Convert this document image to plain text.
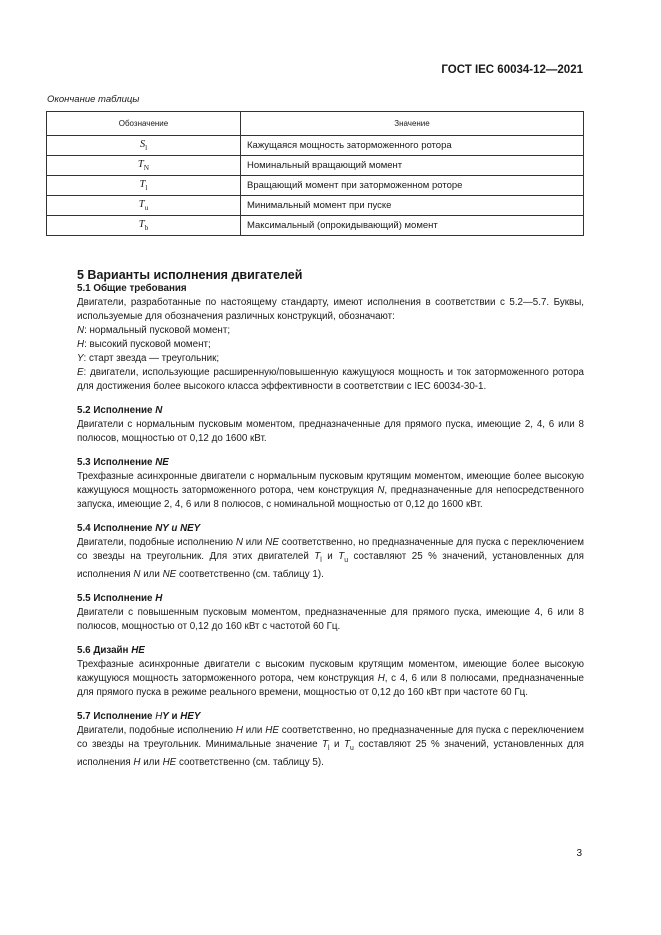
ГОСТ IEC 60034-12—2021
Окончание таблицы
Обозначение	Значение
$S_l$	Кажущаяся мощность заторможенного ротора
$T_N$	Номинальный вращающий момент
$T_l$	Вращающий момент при заторможенном роторе
$T_u$	Минимальный момент при пуске
$T_b$	Максимальный (опрокидывающий) момент

5 Варианты исполнения двигателей

5.1 Общие требования

Двигатели, разработанные по настоящему стандарту, имеют исполнения в соответствии с 5.2—5.7. Буквы, используемые для обозначения различных конструкций, обозначают:

N: нормальный пусковой момент;

H: высокий пусковой момент;

Y: старт звезда — треугольник;

E: двигатели, использующие расширенную/повышенную кажущуюся мощность и ток заторможенного ротора для достижения более высокого класса эффективности в соответствии с IEC 60034-30-1.

5.2 Исполнение N

Двигатели с нормальным пусковым моментом, предназначенные для прямого пуска, имеющие 2, 4, 6 или 8 полюсов, мощностью от 0,12 до 1600 кВт.

5.3 Исполнение NE

Трехфазные асинхронные двигатели с нормальным пусковым крутящим моментом, имеющие более высокую кажущуюся мощность заторможенного ротора, чем конструкция N, предназначенные для непосредственного запуска, имеющие 2, 4, 6 или 8 полюсов, с номинальной мощностью от 0,12 до 1600 кВт.

5.4 Исполнение NY u NEY

Двигатели, подобные исполнению N или NE соответственно, но предназначенные для пуска с переключением со звезды на треугольник. Для этих двигателей $T_l$ и $T_u$ составляют 25 % значений, установленных для исполнения N или NE соответственно (см. таблицу 1).

5.5 Исполнение H

Двигатели с повышенным пусковым моментом, предназначенные для прямого пуска, имеющие 4, 6 или 8 полюсов, мощностью от 0,12 до 160 кВт с частотой 60 Гц.

5.6 Дизайн HE

Трехфазные асинхронные двигатели с высоким пусковым крутящим моментом, имеющие более высокую кажущуюся мощность заторможенного ротора, чем конструкция H, с 4, 6 или 8 полюсами, предназначенные для прямого пуска в режиме реального времени, мощностью от 0,12 до 160 кВт при частоте 60 Гц.

5.7 Исполнение HY и HEY

Двигатели, подобные исполнению H или HE соответственно, но предназначенные для пуска с переключением со звезды на треугольник. Минимальные значение $T_l$ и $T_u$ составляют 25 % значений, установленных для исполнения H или HE соответственно (см. таблицу 5).

3
